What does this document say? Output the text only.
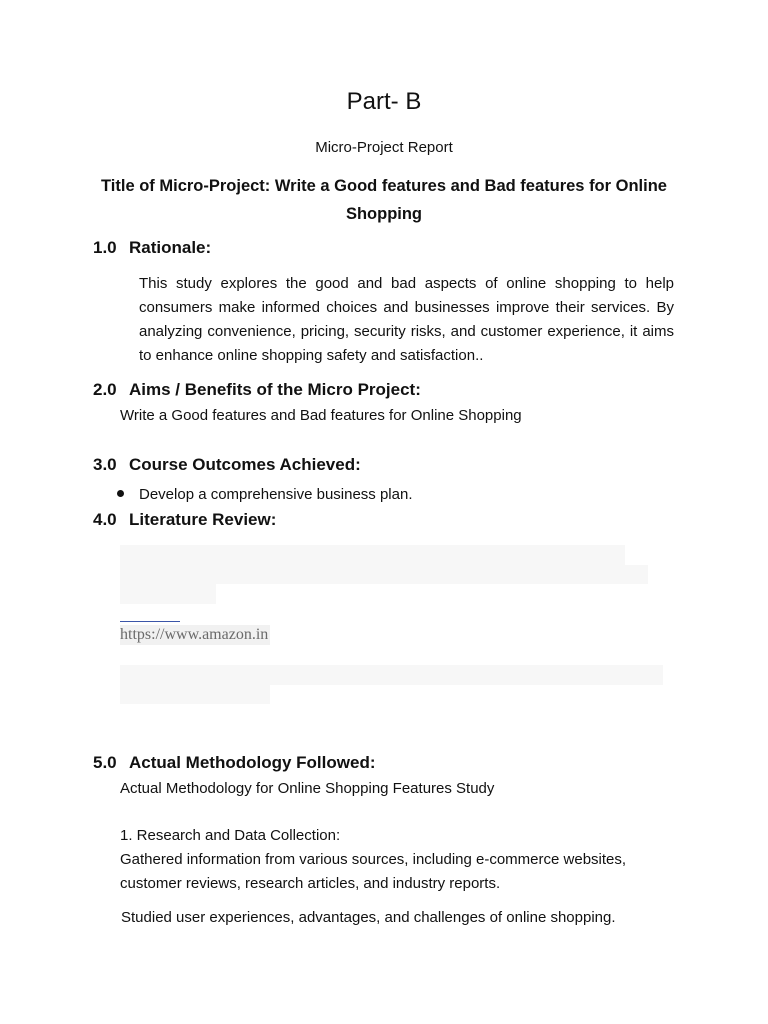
Part- B
Micro-Project Report
Title of Micro-Project: Write a Good features and Bad features for Online Shopping
1.0 Rationale:
This study explores the good and bad aspects of online shopping to help consumers make informed choices and businesses improve their services. By analyzing convenience, pricing, security risks, and customer experience, it aims to enhance online shopping safety and satisfaction..
2.0 Aims / Benefits of the Micro Project:
Write a Good features and Bad features for Online Shopping
3.0 Course Outcomes Achieved:
Develop a comprehensive business plan.
4.0 Literature Review:
https://www.amazon.in
5.0 Actual Methodology Followed:
Actual Methodology for Online Shopping Features Study
1. Research and Data Collection:
Gathered information from various sources, including e-commerce websites,
customer reviews, research articles, and industry reports.
Studied user experiences, advantages, and challenges of online shopping.
